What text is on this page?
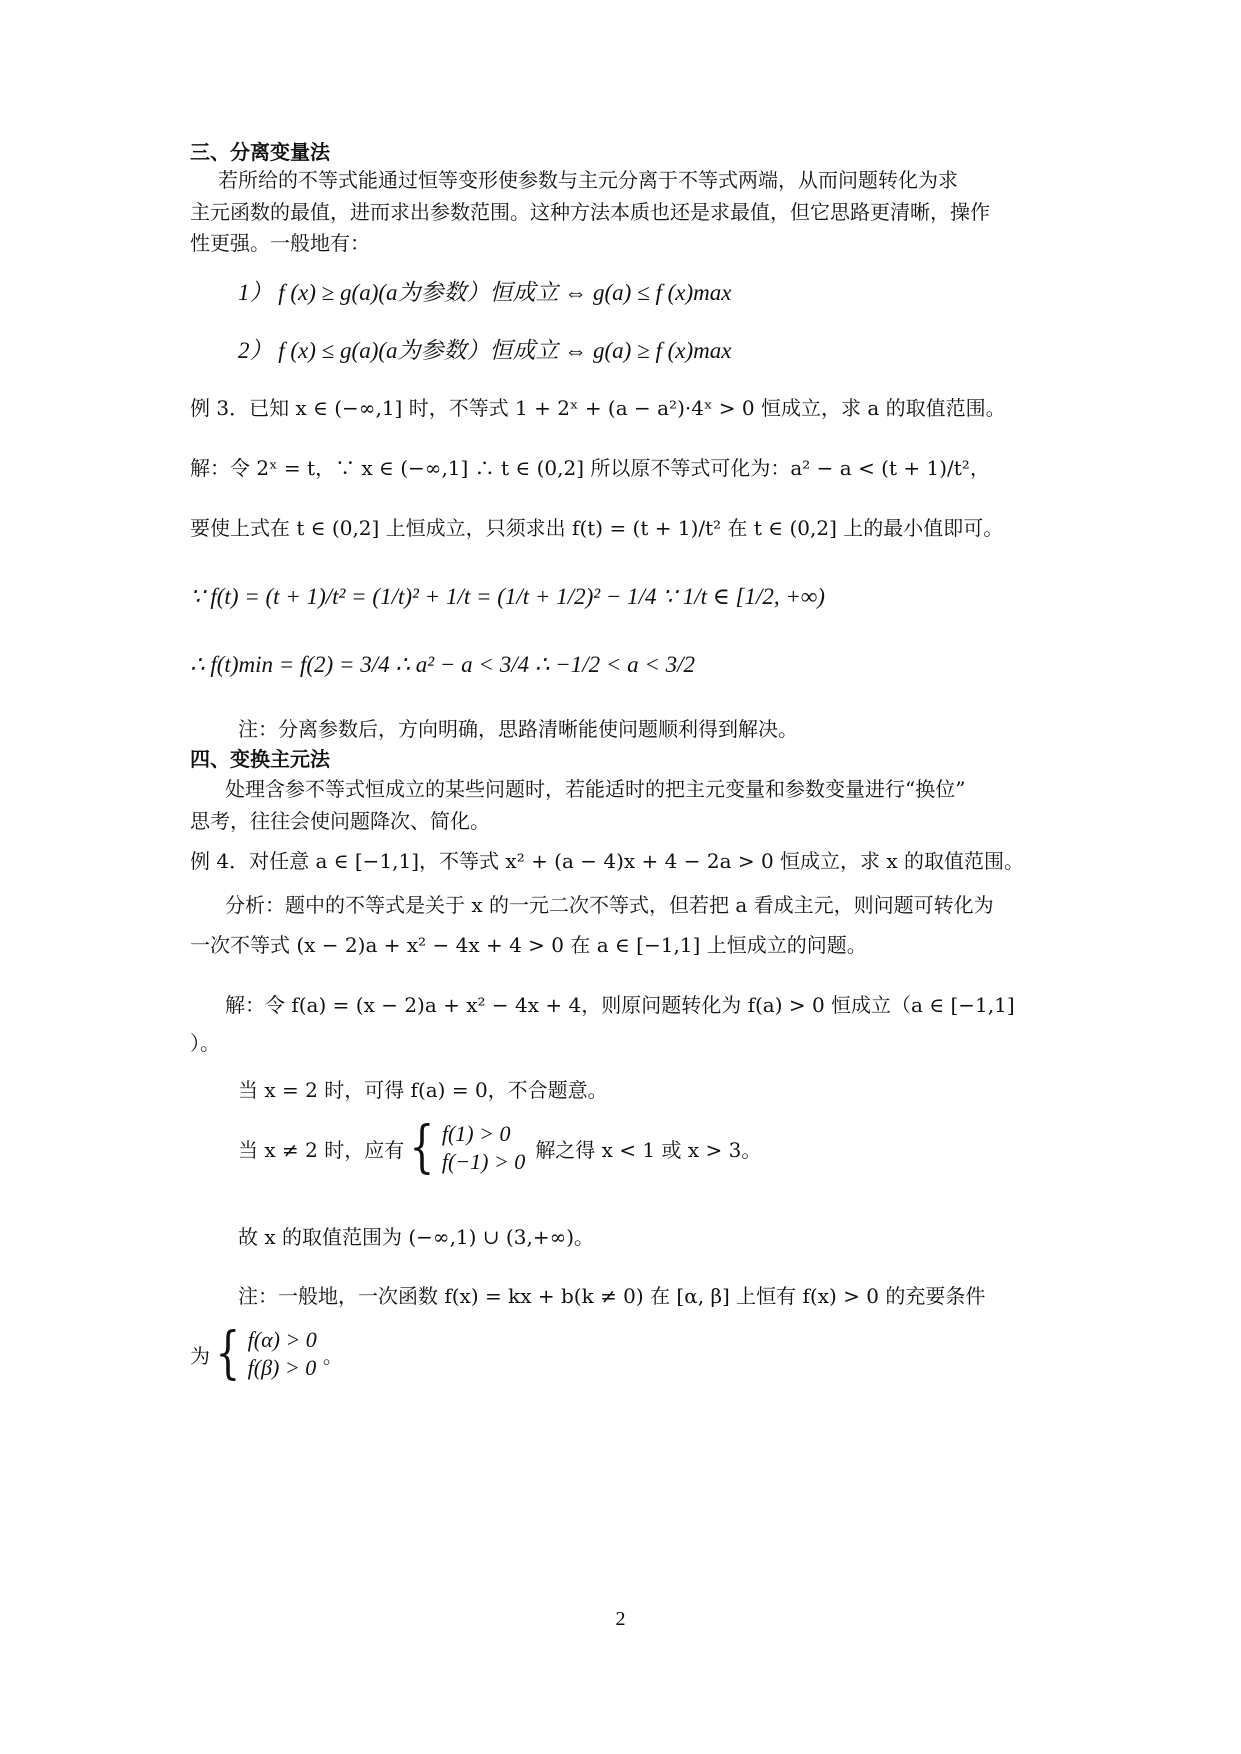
三、分离变量法
若所给的不等式能通过恒等变形使参数与主元分离于不等式两端，从而问题转化为求
主元函数的最值，进而求出参数范围。这种方法本质也还是求最值，但它思路更清晰，操作
性更强。一般地有：
1） f (x) ≥ g(a)(a为参数）恒成立 ⇔ g(a) ≤ f (x)max
2） f (x) ≤ g(a)(a为参数）恒成立 ⇔ g(a) ≥ f (x)max
例 3．已知 x ∈ (−∞,1] 时，不等式 1 + 2ˣ + (a − a²)·4ˣ > 0 恒成立，求 a 的取值范围。
解：令 2ˣ = t，∵ x ∈ (−∞,1] ∴ t ∈ (0,2] 所以原不等式可化为：a² − a < (t + 1)/t²，
要使上式在 t ∈ (0,2] 上恒成立，只须求出 f(t) = (t + 1)/t² 在 t ∈ (0,2] 上的最小值即可。
∵ f(t) = (t + 1)/t² = (1/t)² + 1/t = (1/t + 1/2)² − 1/4 ∵ 1/t ∈ [1/2, +∞)
∴ f(t)min = f(2) = 3/4 ∴ a² − a < 3/4 ∴ −1/2 < a < 3/2
注：分离参数后，方向明确，思路清晰能使问题顺利得到解决。
四、变换主元法
处理含参不等式恒成立的某些问题时，若能适时的把主元变量和参数变量进行“换位”
思考，往往会使问题降次、简化。
例 4．对任意 a ∈ [−1,1]，不等式 x² + (a − 4)x + 4 − 2a > 0 恒成立，求 x 的取值范围。
分析：题中的不等式是关于 x 的一元二次不等式，但若把 a 看成主元，则问题可转化为
一次不等式 (x − 2)a + x² − 4x + 4 > 0 在 a ∈ [−1,1] 上恒成立的问题。
解：令 f(a) = (x − 2)a + x² − 4x + 4，则原问题转化为 f(a) > 0 恒成立（a ∈ [−1,1]
）。
当 x = 2 时，可得 f(a) = 0，不合题意。
当 x ≠ 2 时，应有 { f(1) > 0
f(−1) > 0 解之得 x < 1 或 x > 3。
故 x 的取值范围为 (−∞,1) ∪ (3,+∞)。
注：一般地，一次函数 f(x) = kx + b(k ≠ 0) 在 [α, β] 上恒有 f(x) > 0 的充要条件
为 { f(α) > 0
f(β) > 0 。
2
